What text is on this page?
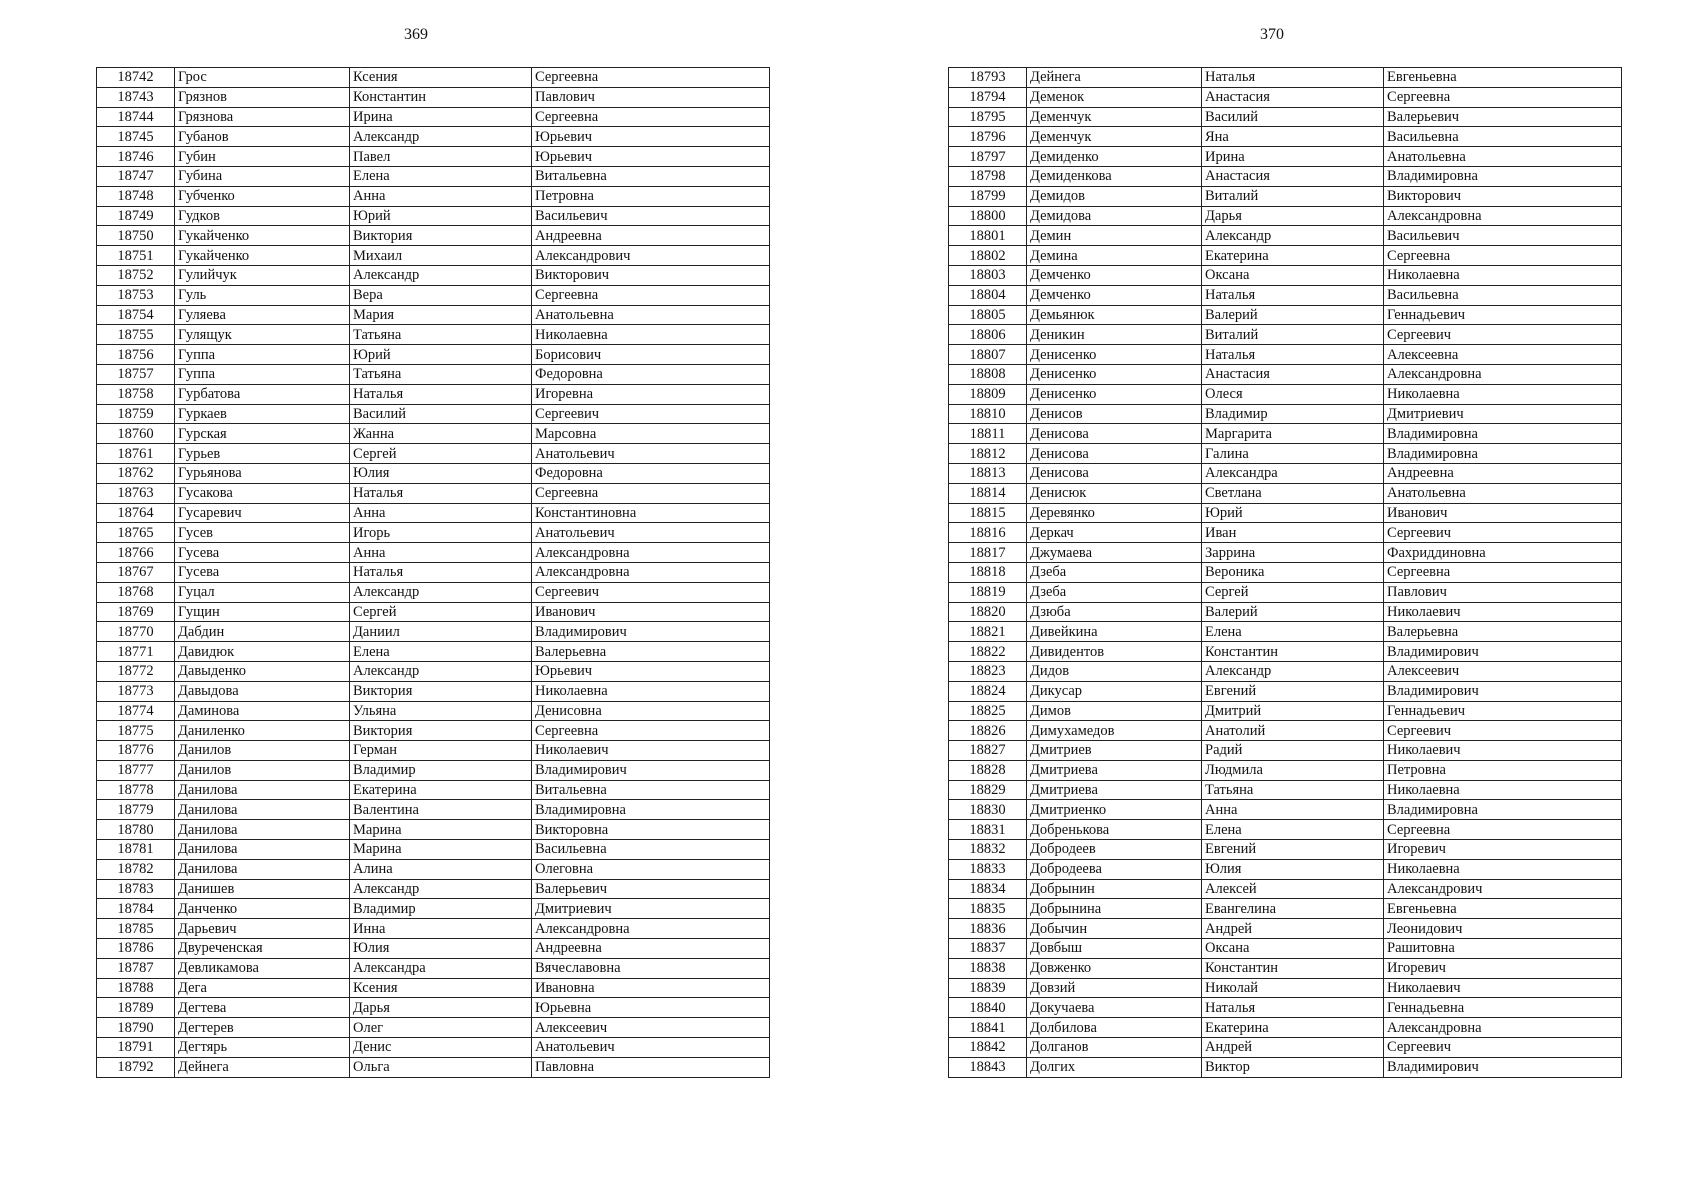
369	370
18742	Грос	Ксения	Сергеевна
18743	Грязнов	Константин	Павлович
18744	Грязнова	Ирина	Сергеевна
18745	Губанов	Александр	Юрьевич
18746	Губин	Павел	Юрьевич
18747	Губина	Елена	Витальевна
18748	Губченко	Анна	Петровна
18749	Гудков	Юрий	Васильевич
18750	Гукайченко	Виктория	Андреевна
18751	Гукайченко	Михаил	Александрович
18752	Гулийчук	Александр	Викторович
18753	Гуль	Вера	Сергеевна
18754	Гуляева	Мария	Анатольевна
18755	Гулящук	Татьяна	Николаевна
18756	Гуппа	Юрий	Борисович
18757	Гуппа	Татьяна	Федоровна
18758	Гурбатова	Наталья	Игоревна
18759	Гуркаев	Василий	Сергеевич
18760	Гурская	Жанна	Марсовна
18761	Гурьев	Сергей	Анатольевич
18762	Гурьянова	Юлия	Федоровна
18763	Гусакова	Наталья	Сергеевна
18764	Гусаревич	Анна	Константиновна
18765	Гусев	Игорь	Анатольевич
18766	Гусева	Анна	Александровна
18767	Гусева	Наталья	Александровна
18768	Гуцал	Александр	Сергеевич
18769	Гущин	Сергей	Иванович
18770	Дабдин	Даниил	Владимирович
18771	Давидюк	Елена	Валерьевна
18772	Давыденко	Александр	Юрьевич
18773	Давыдова	Виктория	Николаевна
18774	Даминова	Ульяна	Денисовна
18775	Даниленко	Виктория	Сергеевна
18776	Данилов	Герман	Николаевич
18777	Данилов	Владимир	Владимирович
18778	Данилова	Екатерина	Витальевна
18779	Данилова	Валентина	Владимировна
18780	Данилова	Марина	Викторовна
18781	Данилова	Марина	Васильевна
18782	Данилова	Алина	Олеговна
18783	Данишев	Александр	Валерьевич
18784	Данченко	Владимир	Дмитриевич
18785	Дарьевич	Инна	Александровна
18786	Двуреченская	Юлия	Андреевна
18787	Девликамова	Александра	Вячеславовна
18788	Дега	Ксения	Ивановна
18789	Дегтева	Дарья	Юрьевна
18790	Дегтерев	Олег	Алексеевич
18791	Дегтярь	Денис	Анатольевич
18792	Дейнега	Ольга	Павловна
18793	Дейнега	Наталья	Евгеньевна
18794	Деменок	Анастасия	Сергеевна
18795	Деменчук	Василий	Валерьевич
18796	Деменчук	Яна	Васильевна
18797	Демиденко	Ирина	Анатольевна
18798	Демиденкова	Анастасия	Владимировна
18799	Демидов	Виталий	Викторович
18800	Демидова	Дарья	Александровна
18801	Демин	Александр	Васильевич
18802	Демина	Екатерина	Сергеевна
18803	Демченко	Оксана	Николаевна
18804	Демченко	Наталья	Васильевна
18805	Демьянюк	Валерий	Геннадьевич
18806	Деникин	Виталий	Сергеевич
18807	Денисенко	Наталья	Алексеевна
18808	Денисенко	Анастасия	Александровна
18809	Денисенко	Олеся	Николаевна
18810	Денисов	Владимир	Дмитриевич
18811	Денисова	Маргарита	Владимировна
18812	Денисова	Галина	Владимировна
18813	Денисова	Александра	Андреевна
18814	Денисюк	Светлана	Анатольевна
18815	Деревянко	Юрий	Иванович
18816	Деркач	Иван	Сергеевич
18817	Джумаева	Заррина	Фахриддиновна
18818	Дзеба	Вероника	Сергеевна
18819	Дзеба	Сергей	Павлович
18820	Дзюба	Валерий	Николаевич
18821	Дивейкина	Елена	Валерьевна
18822	Дивидентов	Константин	Владимирович
18823	Дидов	Александр	Алексеевич
18824	Дикусар	Евгений	Владимирович
18825	Димов	Дмитрий	Геннадьевич
18826	Димухамедов	Анатолий	Сергеевич
18827	Дмитриев	Радий	Николаевич
18828	Дмитриева	Людмила	Петровна
18829	Дмитриева	Татьяна	Николаевна
18830	Дмитриенко	Анна	Владимировна
18831	Добренькова	Елена	Сергеевна
18832	Добродеев	Евгений	Игоревич
18833	Добродеева	Юлия	Николаевна
18834	Добрынин	Алексей	Александрович
18835	Добрынина	Евангелина	Евгеньевна
18836	Добычин	Андрей	Леонидович
18837	Довбыш	Оксана	Рашитовна
18838	Довженко	Константин	Игоревич
18839	Довзий	Николай	Николаевич
18840	Докучаева	Наталья	Геннадьевна
18841	Долбилова	Екатерина	Александровна
18842	Долганов	Андрей	Сергеевич
18843	Долгих	Виктор	Владимирович
